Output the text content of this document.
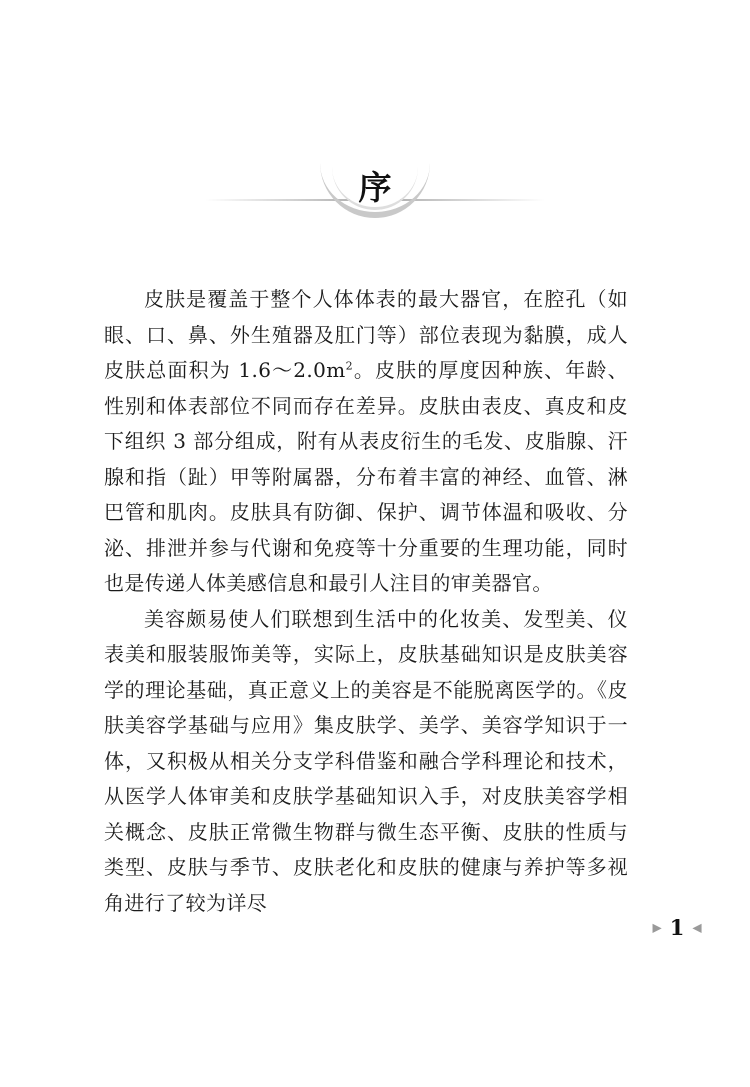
序

皮肤是覆盖于整个人体体表的最大器官，在腔孔（如眼、口、鼻、外生殖器及肛门等）部位表现为黏膜，成人皮肤总面积为 $1.6\sim 2.0m^2$。皮肤的厚度因种族、年龄、性别和体表部位不同而存在差异。皮肤由表皮、真皮和皮下组织 3 部分组成，附有从表皮衍生的毛发、皮脂腺、汗腺和指（趾）甲等附属器，分布着丰富的神经、血管、淋巴管和肌肉。皮肤具有防御、保护、调节体温和吸收、分泌、排泄并参与代谢和免疫等十分重要的生理功能，同时也是传递人体美感信息和最引人注目的审美器官。

美容颇易使人们联想到生活中的化妆美、发型美、仪表美和服装服饰美等，实际上，皮肤基础知识是皮肤美容学的理论基础，真正意义上的美容是不能脱离医学的。《皮肤美容学基础与应用》集皮肤学、美学、美容学知识于一体，又积极从相关分支学科借鉴和融合学科理论和技术，从医学人体审美和皮肤学基础知识入手，对皮肤美容学相关概念、皮肤正常微生物群与微生态平衡、皮肤的性质与类型、皮肤与季节、皮肤老化和皮肤的健康与养护等多视角进行了较为详尽

▶ 1 ◀
